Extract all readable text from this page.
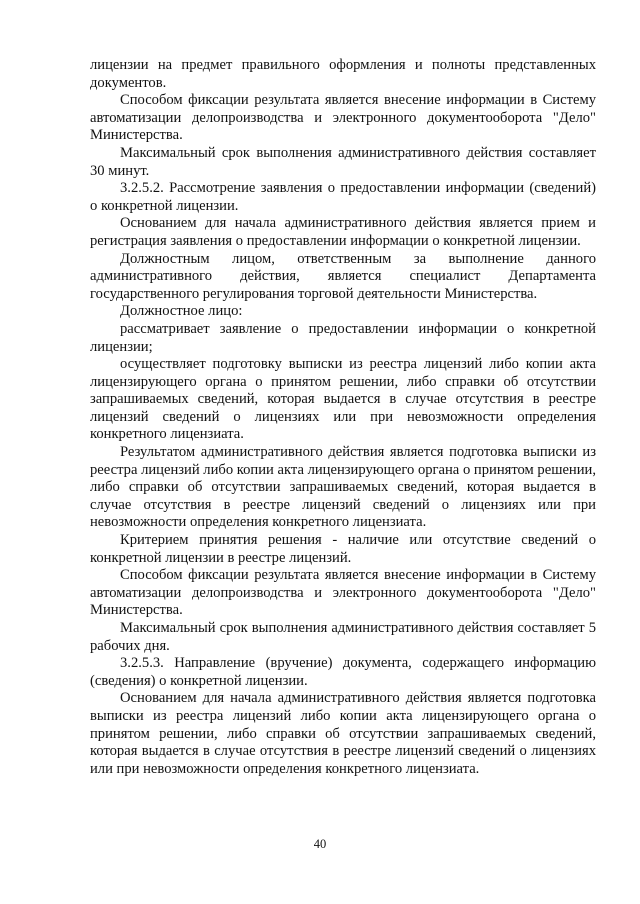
лицензии на предмет правильного оформления и полноты представленных документов.

Способом фиксации результата является внесение информации в Систему автоматизации делопроизводства и электронного документооборота "Дело" Министерства.

Максимальный срок выполнения административного действия составляет 30 минут.

3.2.5.2. Рассмотрение заявления о предоставлении информации (сведений) о конкретной лицензии.

Основанием для начала административного действия является прием и регистрация заявления о предоставлении информации о конкретной лицензии.

Должностным лицом, ответственным за выполнение данного административного действия, является специалист Департамента государственного регулирования торговой деятельности Министерства.

Должностное лицо:

рассматривает заявление о предоставлении информации о конкретной лицензии;

осуществляет подготовку выписки из реестра лицензий либо копии акта лицензирующего органа о принятом решении, либо справки об отсутствии запрашиваемых сведений, которая выдается в случае отсутствия в реестре лицензий сведений о лицензиях или при невозможности определения конкретного лицензиата.

Результатом административного действия является подготовка выписки из реестра лицензий либо копии акта лицензирующего органа о принятом решении, либо справки об отсутствии запрашиваемых сведений, которая выдается в случае отсутствия в реестре лицензий сведений о лицензиях или при невозможности определения конкретного лицензиата.

Критерием принятия решения - наличие или отсутствие сведений о конкретной лицензии в реестре лицензий.

Способом фиксации результата является внесение информации в Систему автоматизации делопроизводства и электронного документооборота "Дело" Министерства.

Максимальный срок выполнения административного действия составляет 5 рабочих дня.

3.2.5.3. Направление (вручение) документа, содержащего информацию (сведения) о конкретной лицензии.

Основанием для начала административного действия является подготовка выписки из реестра лицензий либо копии акта лицензирующего органа о принятом решении, либо справки об отсутствии запрашиваемых сведений, которая выдается в случае отсутствия в реестре лицензий сведений о лицензиях или при невозможности определения конкретного лицензиата.

40
